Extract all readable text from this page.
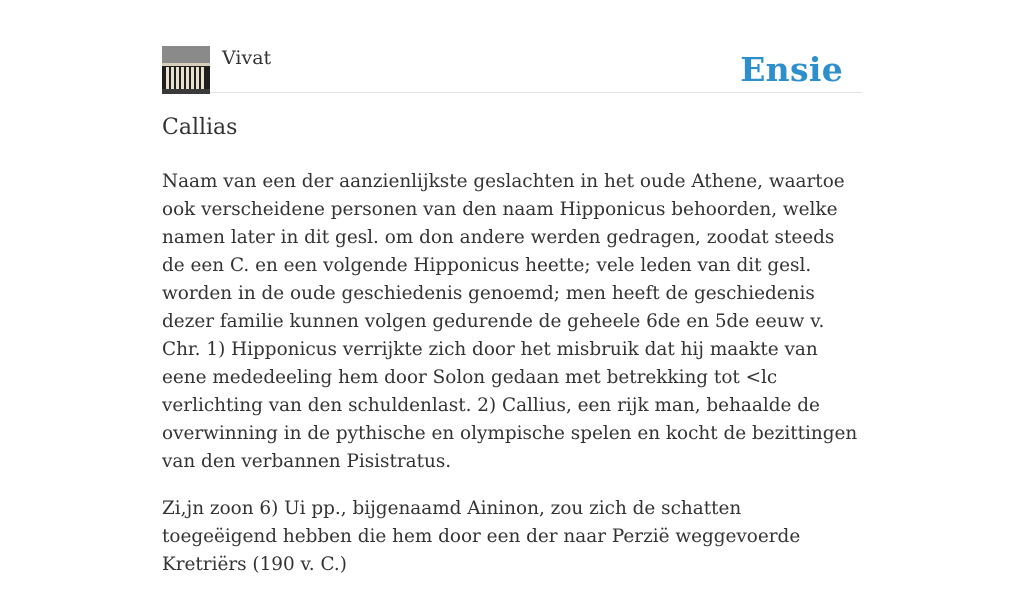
Vivat	Ensie
Callias

Naam van een der aanzienlijkste geslachten in het oude Athene, waartoe ook verscheidene personen van den naam Hipponicus behoorden, welke namen later in dit gesl. om don andere werden gedragen, zoodat steeds de een C. en een volgende Hipponicus heette; vele leden van dit gesl. worden in de oude geschiedenis genoemd; men heeft de geschiedenis dezer familie kunnen volgen gedurende de geheele 6de en 5de eeuw v. Chr. 1) Hipponicus verrijkte zich door het misbruik dat hij maakte van eene mededeeling hem door Solon gedaan met betrekking tot <lc verlichting van den schuldenlast. 2) Callius, een rijk man, behaalde de overwinning in de pythische en olympische spelen en kocht de bezittingen van den verbannen Pisistratus.

Zi,jn zoon 6) Ui pp., bijgenaamd Aininon, zou zich de schatten toegeëigend hebben die hem door een der naar Perzië weggevoerde Kretriërs (190 v. C.)
